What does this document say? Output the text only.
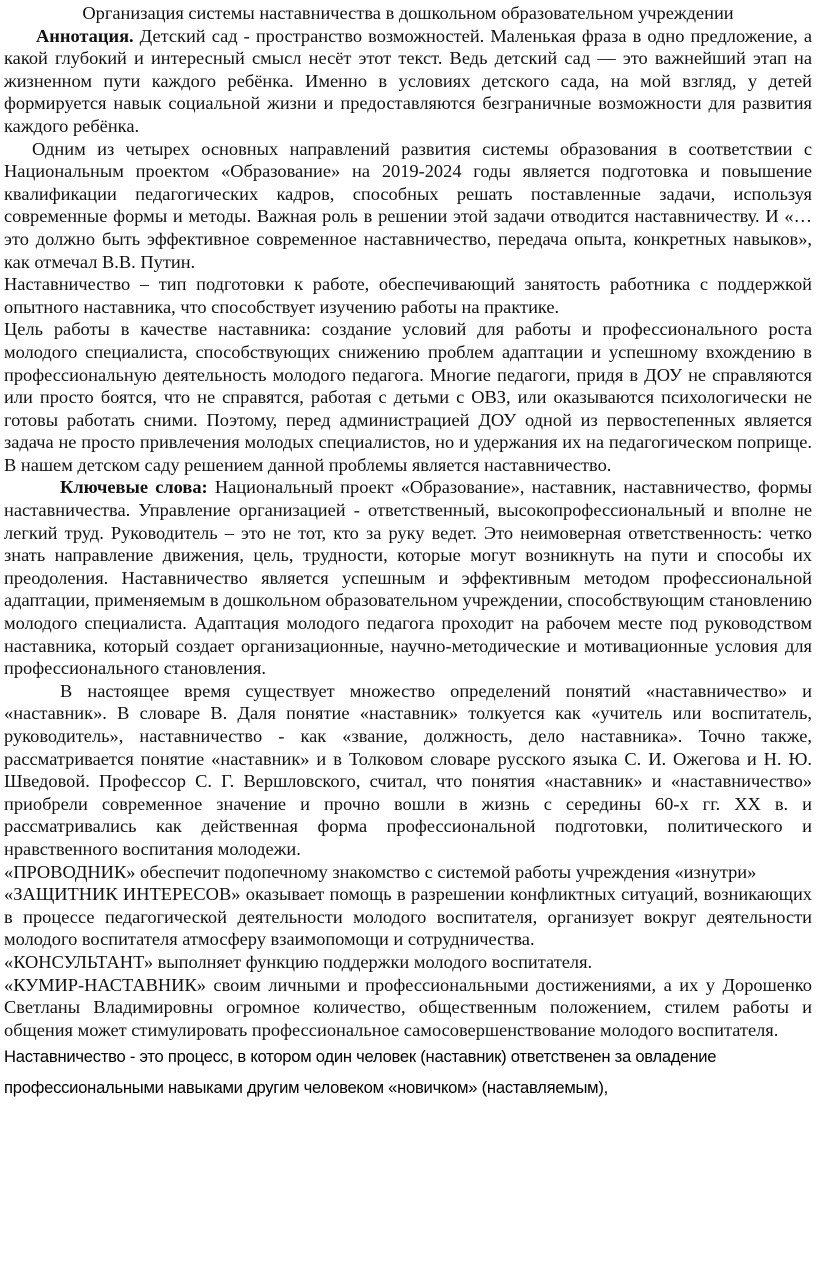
Организация системы наставничества в дошкольном образовательном учреждении

Аннотация. Детский сад - пространство возможностей. Маленькая фраза в одно предложение, а какой глубокий и интересный смысл несёт этот текст. Ведь детский сад — это важнейший этап на жизненном пути каждого ребёнка. Именно в условиях детского сада, на мой взгляд, у детей формируется навык социальной жизни и предоставляются безграничные возможности для развития каждого ребёнка.

Одним из четырех основных направлений развития системы образования в соответствии с Национальным проектом «Образование» на 2019-2024 годы является подготовка и повышение квалификации педагогических кадров, способных решать поставленные задачи, используя современные формы и методы. Важная роль в решении этой задачи отводится наставничеству. И «… это должно быть эффективное современное наставничество, передача опыта, конкретных навыков», как отмечал В.В. Путин.

Наставничество – тип подготовки к работе, обеспечивающий занятость работника с поддержкой опытного наставника, что способствует изучению работы на практике.

Цель работы в качестве наставника: создание условий для работы и профессионального роста молодого специалиста, способствующих снижению проблем адаптации и успешному вхождению в профессиональную деятельность молодого педагога. Многие педагоги, придя в ДОУ не справляются или просто боятся, что не справятся, работая с детьми с ОВЗ, или оказываются психологически не готовы работать сними. Поэтому, перед администрацией ДОУ одной из первостепенных является задача не просто привлечения молодых специалистов, но и удержания их на педагогическом поприще. В нашем детском саду решением данной проблемы является наставничество.

Ключевые слова: Национальный проект «Образование», наставник, наставничество, формы наставничества. Управление организацией - ответственный, высокопрофессиональный и вполне не легкий труд. Руководитель – это не тот, кто за руку ведет. Это неимоверная ответственность: четко знать направление движения, цель, трудности, которые могут возникнуть на пути и способы их преодоления. Наставничество является успешным и эффективным методом профессиональной адаптации, применяемым в дошкольном образовательном учреждении, способствующим становлению молодого специалиста. Адаптация молодого педагога проходит на рабочем месте под руководством наставника, который создает организационные, научно-методические и мотивационные условия для профессионального становления.

В настоящее время существует множество определений понятий «наставничество» и «наставник». В словаре В. Даля понятие «наставник» толкуется как «учитель или воспитатель, руководитель», наставничество - как «звание, должность, дело наставника». Точно также, рассматривается понятие «наставник» и в Толковом словаре русского языка С. И. Ожегова и Н. Ю. Шведовой. Профессор С. Г. Вершловского, считал, что понятия «наставник» и «наставничество» приобрели современное значение и прочно вошли в жизнь с середины 60-х гг. XX в. и рассматривались как действенная форма профессиональной подготовки, политического и нравственного воспитания молодежи.

«ПРОВОДНИК» обеспечит подопечному знакомство с системой работы учреждения «изнутри»

«ЗАЩИТНИК ИНТЕРЕСОВ» оказывает помощь в разрешении конфликтных ситуаций, возникающих в процессе педагогической деятельности молодого воспитателя, организует вокруг деятельности молодого воспитателя атмосферу взаимопомощи и сотрудничества.

«КОНСУЛЬТАНТ» выполняет функцию поддержки молодого воспитателя.

«КУМИР-НАСТАВНИК» своим личными и профессиональными достижениями, а их у Дорошенко Светланы Владимировны огромное количество, общественным положением, стилем работы и общения может стимулировать профессиональное самосовершенствование молодого воспитателя.

Наставничество - это процесс, в котором один человек (наставник) ответственен за овладение профессиональными навыками другим человеком «новичком» (наставляемым),
